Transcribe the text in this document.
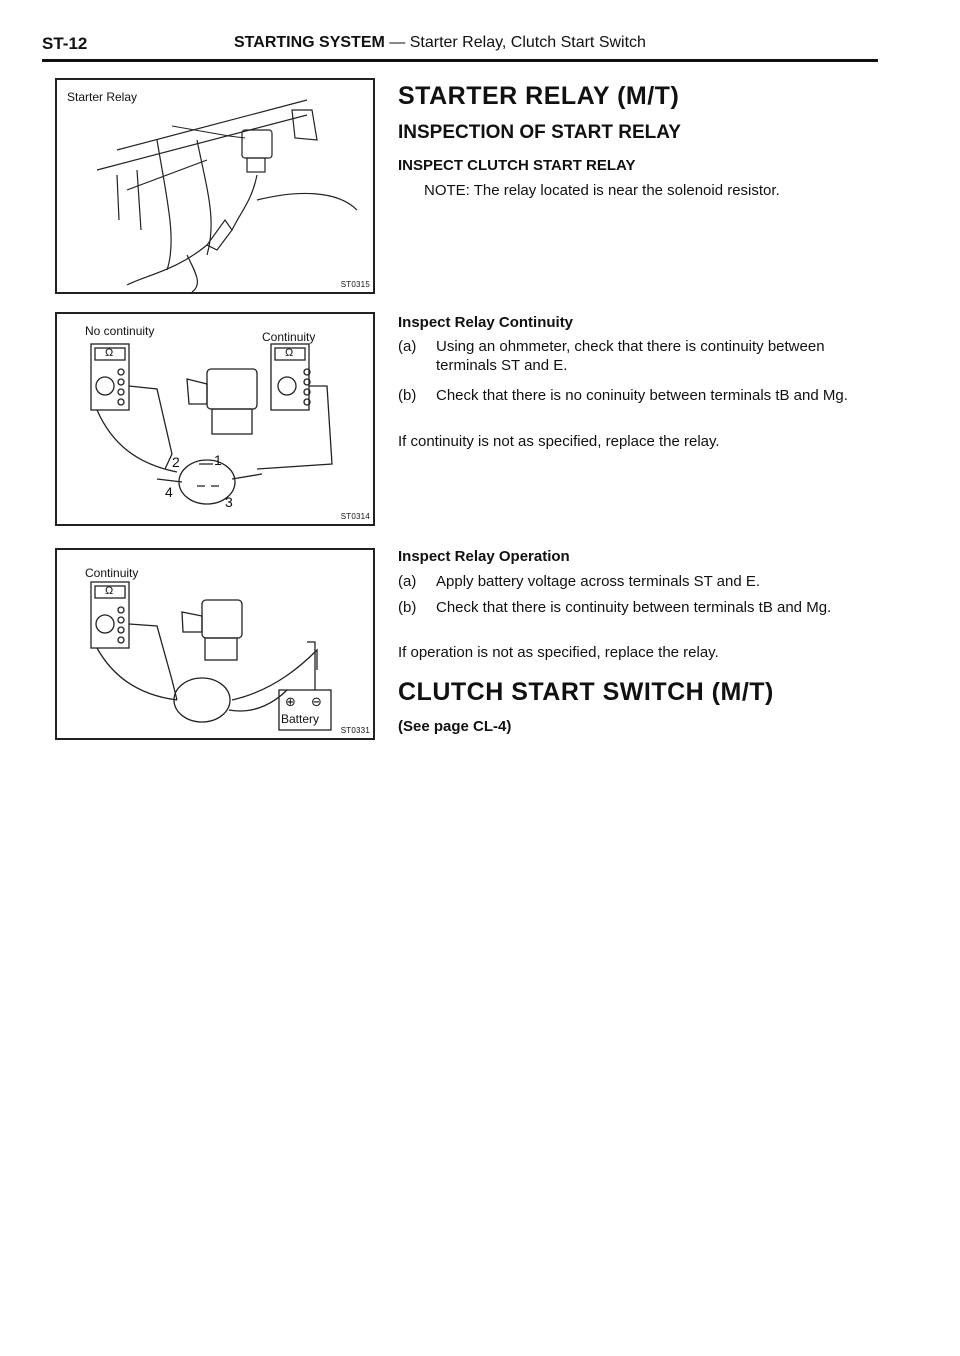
ST-12	STARTING SYSTEM — Starter Relay, Clutch Start Switch
Starter Relay
ST0315
No continuity	Continuity
Ω	Ω
2 1
4
3
ST0314
Continuity
Ω
⊕ ⊖
Battery
ST0331
STARTER RELAY (M/T)
INSPECTION OF START RELAY
INSPECT CLUTCH START RELAY
NOTE: The relay located is near the solenoid resistor.
Inspect Relay Continuity
(a) Using an ohmmeter, check that there is continuity between terminals ST and E.
(b) Check that there is no coninuity between terminals tB and Mg.
If continuity is not as specified, replace the relay.
Inspect Relay Operation
(a) Apply battery voltage across terminals ST and E.
(b) Check that there is continuity between terminals tB and Mg.
If operation is not as specified, replace the relay.
CLUTCH START SWITCH (M/T)
(See page CL-4)
